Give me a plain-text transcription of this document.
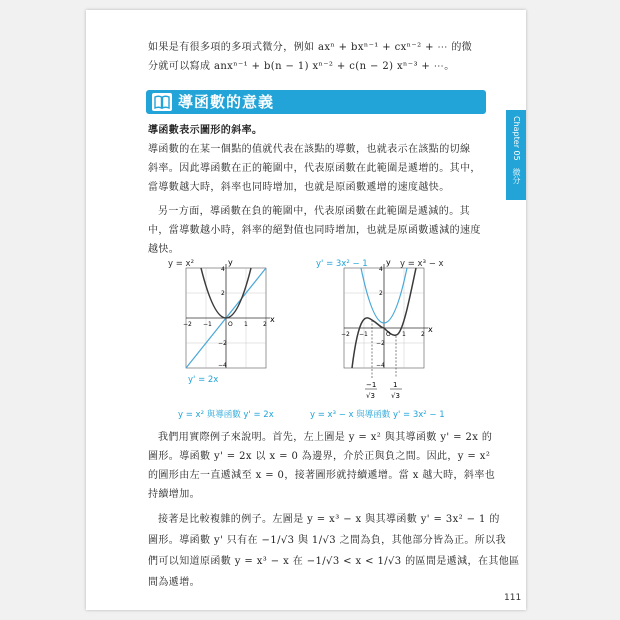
如果是有很多項的多項式微分，例如 axⁿ + bxⁿ⁻¹ + cxⁿ⁻² + ⋯ 的微

分就可以寫成 anxⁿ⁻¹ + b(n − 1) xⁿ⁻² + c(n − 2) xⁿ⁻³ + ⋯。

導函數的意義
Chapter 05
微分

導函數表示圖形的斜率。

導函數的在某一個點的值就代表在該點的導數，也就表示在該點的切線

斜率。因此導函數在正的範圍中，代表原函數在此範圍是遞增的。其中，

當導數越大時，斜率也同時增加，也就是原函數遞增的速度越快。

另一方面，導函數在負的範圍中，代表原函數在此範圍是遞減的。其

中，當導數越小時，斜率的絕對值也同時增加，也就是原函數遞減的速度

越快。

y
x
O
−2 −1	1	2
4
2
−2
−4
y = x²
y' = 2x
y = x² 與導函數 y' = 2x
y
x
O
−2 −1	1	2
4
2
−2
−4
−1
√3
1
√3
y' = 3x² − 1	y = x³ − x
y = x³ − x 與導函數 y' = 3x² − 1

我們用實際例子來說明。首先，左上圖是 y = x² 與其導函數 y' = 2x 的

圖形。導函數 y' = 2x 以 x = 0 為邊界，介於正與負之間。因此，y = x²

的圖形由左一直遞減至 x = 0，接著圖形就持續遞增。當 x 越大時，斜率也

持續增加。

接著是比較複雜的例子。左圖是 y = x³ − x 與其導函數 y' = 3x² − 1 的

圖形。導函數 y' 只有在 −1/√3 與 1/√3 之間為負，其他部分皆為正。所以我

們可以知道原函數 y = x³ − x 在 −1/√3 < x < 1/√3 的區間是遞減，在其他區

間為遞增。

111
